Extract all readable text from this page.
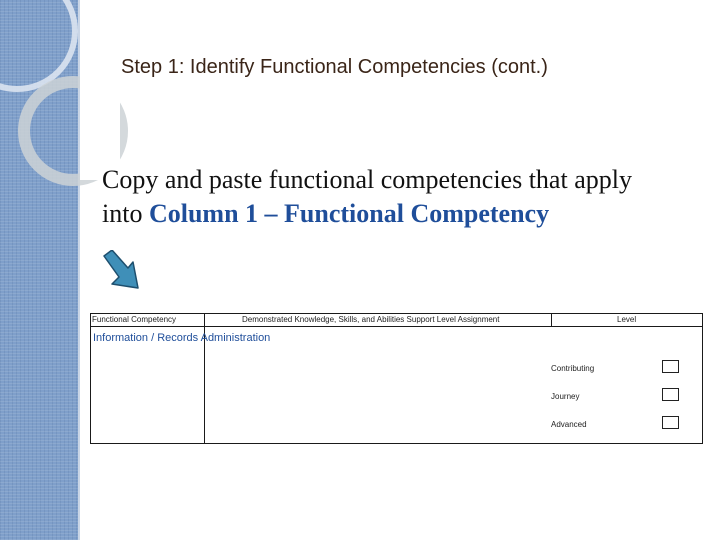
Step 1: Identify Functional Competencies (cont.)
Copy and paste functional competencies that apply
into Column 1 – Functional Competency
Functional Competency	Demonstrated Knowledge, Skills, and Abilities Support Level Assignment	Level
Information / Records Administration
Contributing
Journey
Advanced
